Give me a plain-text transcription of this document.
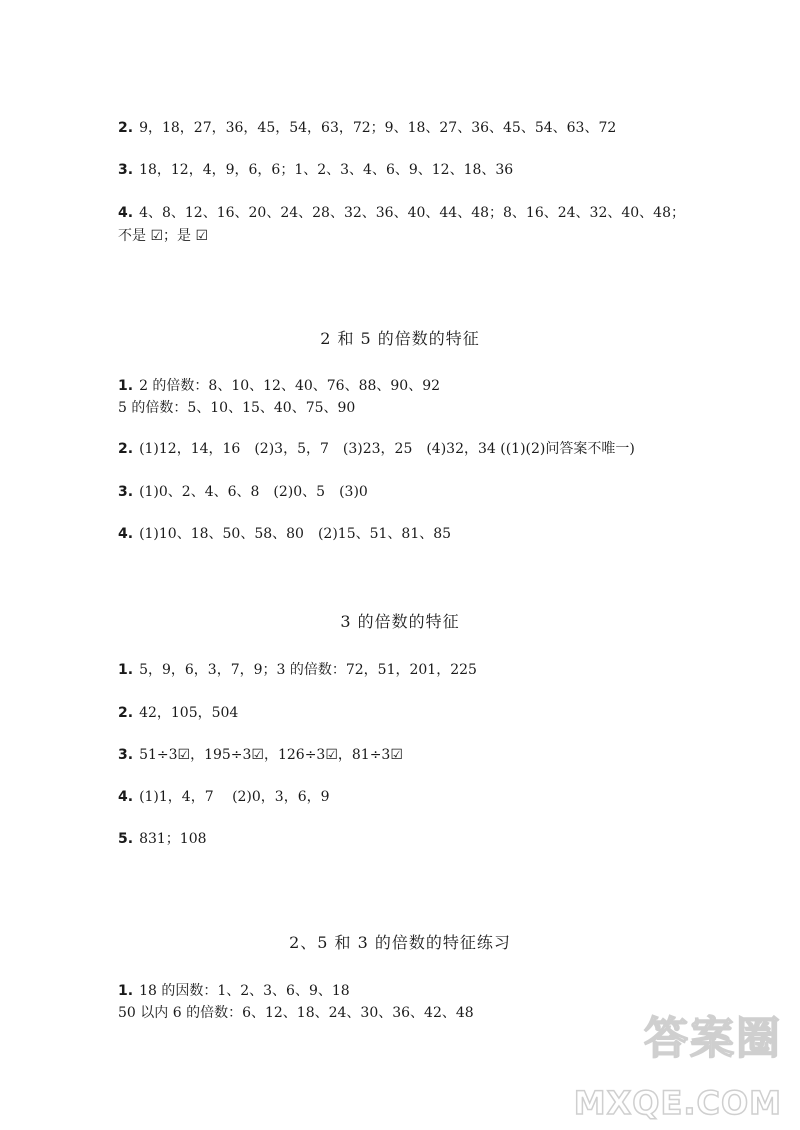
2. 9，18，27，36，45，54，63，72；9、18、27、36、45、54、63、72
3. 18，12，4，9，6，6；1、2、3、4、6、9、12、18、36
4. 4、8、12、16、20、24、28、32、36、40、44、48；8、16、24、32、40、48；
不是 ☑；是 ☑
2 和 5 的倍数的特征
1. 2 的倍数：8、10、12、40、76、88、90、92
5 的倍数：5、10、15、40、75、90
2. (1)12，14，16　(2)3，5，7　(3)23，25　(4)32，34 ((1)(2)问答案不唯一)
3. (1)0、2、4、6、8　(2)0、5　(3)0
4. (1)10、18、50、58、80　(2)15、51、81、85
3 的倍数的特征
1. 5，9，6，3，7，9；3 的倍数：72，51，201，225
2. 42，105，504
3. 51÷3☑，195÷3☑，126÷3☑，81÷3☑
4. (1)1，4，7　 (2)0，3，6，9
5. 831；108
2、5 和 3 的倍数的特征练习
1. 18 的因数：1、2、3、6、9、18
50 以内 6 的倍数：6、12、18、24、30、36、42、48	答案圈
MXQE.COM
